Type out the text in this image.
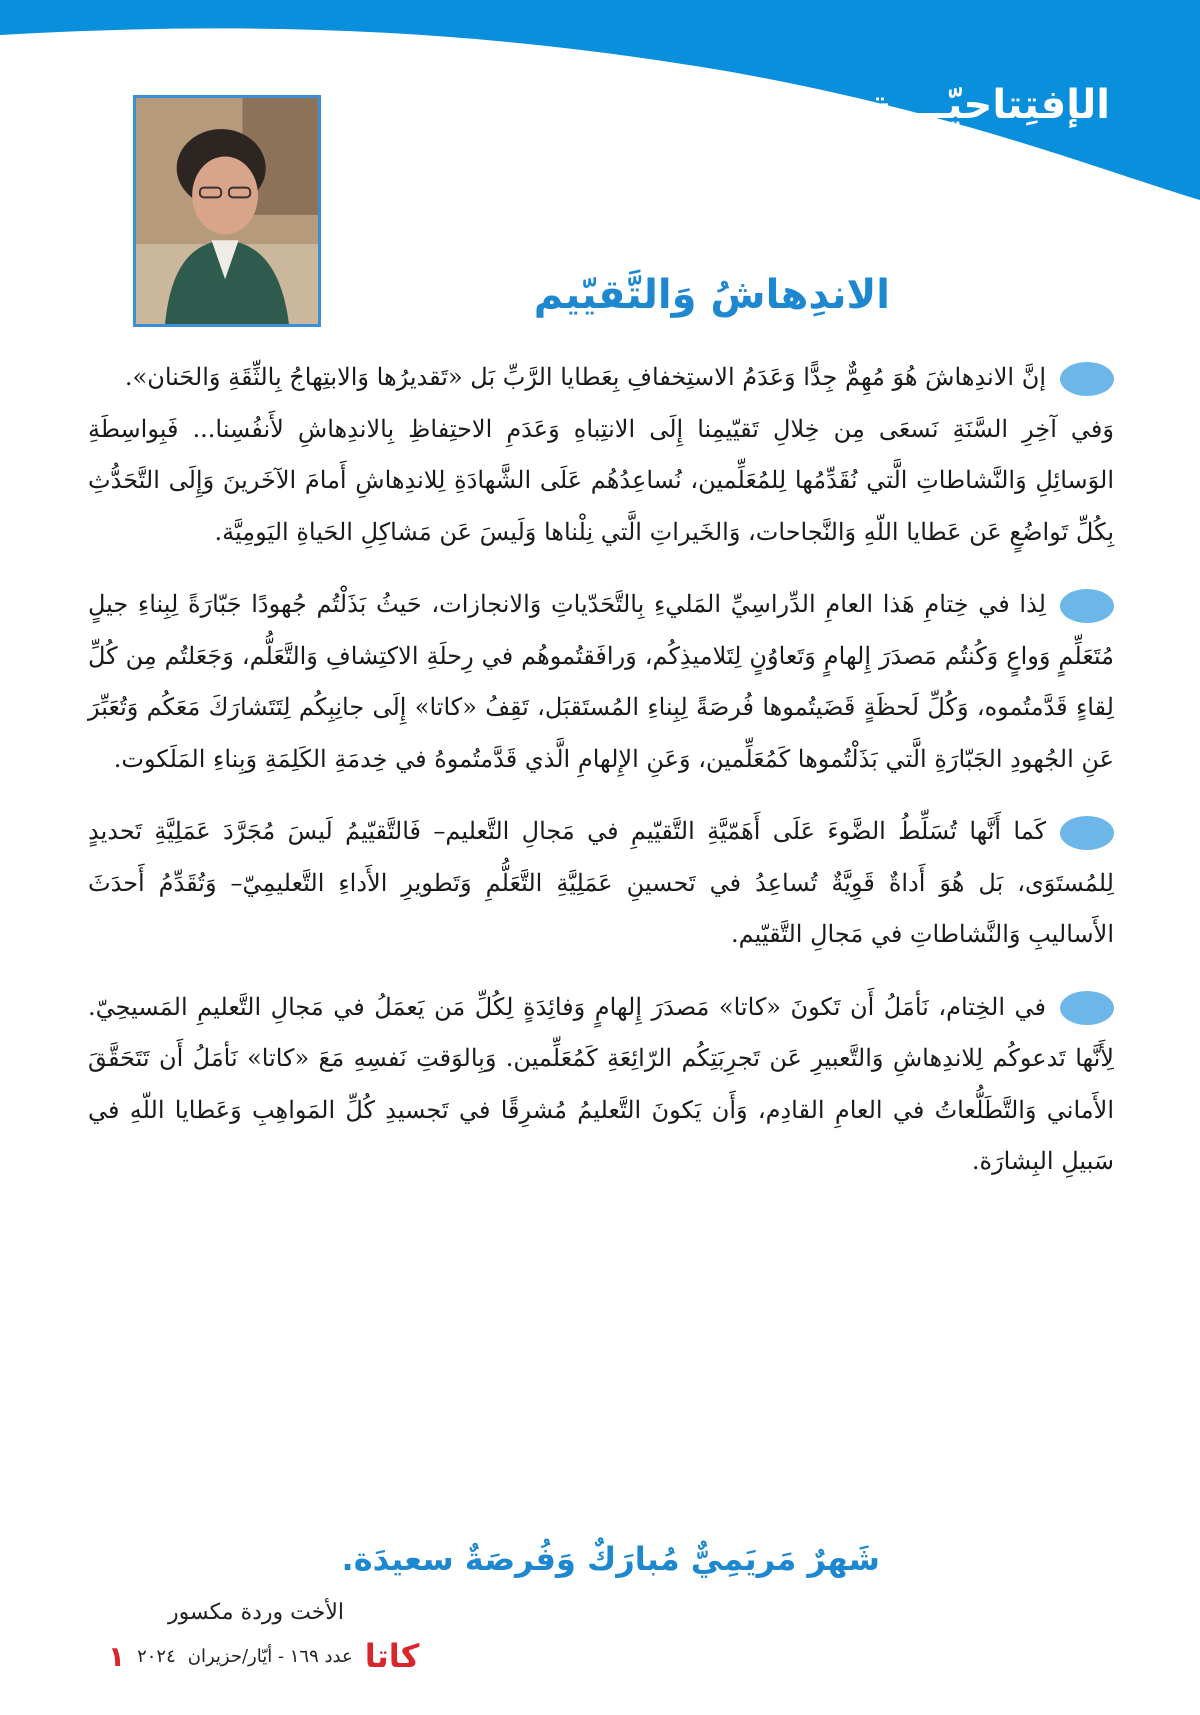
الإفتِتاحيّــــة
الاندِهاشُ وَالتَّقيّيم

إنَّ الاندِهاشَ هُوَ مُهِمٌّ جِدًّا وَعَدَمُ الاستِخفافِ بِعَطايا الرَّبِّ بَل «تَقديرُها وَالابتِهاجُ بِالثِّقَةِ وَالحَنان».

وَفي آخِرِ السَّنَةِ نَسعَى مِن خِلالِ تَقيّيمِنا إِلَى الانتِباهِ وَعَدَمِ الاحتِفاظِ بِالاندِهاشِ لأَنفُسِنا... فَبِواسِطَةِ الوَسائِلِ وَالنَّشاطاتِ الَّتي نُقَدِّمُها لِلمُعَلِّمين، نُساعِدُهُم عَلَى الشَّهادَةِ لِلاندِهاشِ أَمامَ الآخَرينَ وَإِلَى التَّحَدُّثِ بِكُلِّ تَواضُعٍ عَن عَطايا اللّهِ وَالنَّجاحات، وَالخَيراتِ الَّتي نِلْناها وَلَيسَ عَن مَشاكِلِ الحَياةِ اليَومِيَّة.

لِذا في خِتامِ هَذا العامِ الدِّراسِيِّ المَليءِ بِالتَّحَدّياتِ وَالانجازات، حَيثُ بَذَلْتُم جُهودًا جَبّارَةً لِبِناءِ جيلٍ مُتَعَلِّمٍ وَواعٍ وَكُنتُم مَصدَرَ إِلهامٍ وَتَعاوُنٍ لِتَلاميذِكُم، وَرافَقتُموهُم في رِحلَةِ الاكتِشافِ وَالتَّعَلُّم، وَجَعَلتُم مِن كُلِّ لِقاءٍ قَدَّمتُموه، وَكُلِّ لَحظَةٍ قَضَيتُموها فُرصَةً لِبِناءِ المُستَقبَل، تَقِفُ «كاتا» إِلَى جانِبِكُم لِتَتَشارَكَ مَعَكُم وَتُعَبِّرَ عَنِ الجُهودِ الجَبّارَةِ الَّتي بَذَلْتُموها كَمُعَلِّمين، وَعَنِ الإِلهامِ الَّذي قَدَّمتُموهُ في خِدمَةِ الكَلِمَةِ وَبِناءِ المَلَكوت.

كَما أَنَّها تُسَلِّطُ الضَّوءَ عَلَى أَهَمّيَّةِ التَّقيّيمِ في مَجالِ التَّعليم– فَالتَّقيّيمُ لَيسَ مُجَرَّدَ عَمَلِيَّةِ تَحديدٍ لِلمُستَوَى، بَل هُوَ أَداةٌ قَوِيَّةٌ تُساعِدُ في تَحسينِ عَمَلِيَّةِ التَّعَلُّمِ وَتَطويرِ الأَداءِ التَّعليمِيّ– وَتُقَدِّمُ أَحدَثَ الأَساليبِ وَالنَّشاطاتِ في مَجالِ التَّقيّيم.

في الخِتام، نَأمَلُ أَن تَكونَ «كاتا» مَصدَرَ إِلهامٍ وَفائِدَةٍ لِكُلِّ مَن يَعمَلُ في مَجالِ التَّعليمِ المَسيحِيّ. لِأَنَّها تَدعوكُم لِلاندِهاشِ وَالتَّعبيرِ عَن تَجرِبَتِكُم الرّائِعَةِ كَمُعَلِّمين. وَبِالوَقتِ نَفسِهِ مَعَ «كاتا» نَأمَلُ أَن تَتَحَقَّقَ الأَماني وَالتَّطَلُّعاتُ في العامِ القادِم، وَأَن يَكونَ التَّعليمُ مُشرِقًا في تَجسيدِ كُلِّ المَواهِبِ وَعَطايا اللّهِ في سَبيلِ البِشارَة.

شَهرٌ مَريَمِيٌّ مُبارَكٌ وَفُرصَةٌ سعيدَة.
الأخت وردة مكسور
كاتا
عدد ١٦٩ - أيّار/حزيران
٢٠٢٤
١
